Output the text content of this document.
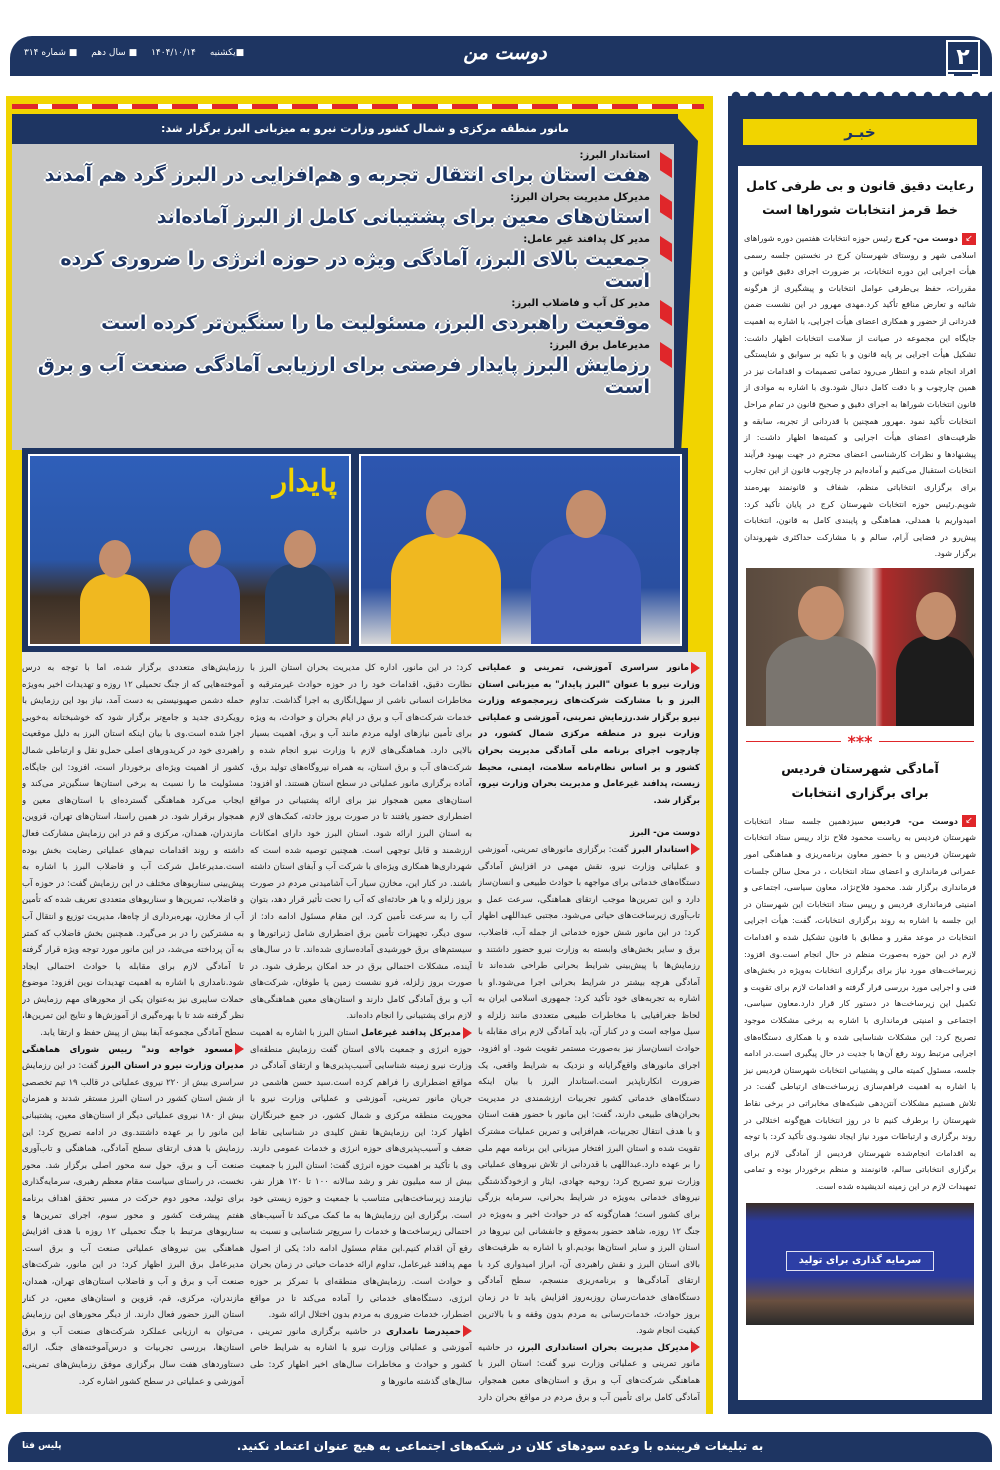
۲
دوست من
■یکشنبه
۱۴۰۴/۱۰/۱۴
■ سال دهم
■ شماره ۳۱۴
مانور منطقه مرکزی و شمال کشور وزارت نیرو به میزبانی البرز برگزار شد:
استاندار البرز:
هفت استان برای انتقال تجربه و هم‌افزایی در البرز گرد هم آمدند
مدیرکل مدیریت بحران البرز:
استان‌های معین برای پشتیبانی کامل از البرز آماده‌اند
مدیر کل پدافند غیر عامل:
جمعیت بالای البرز، آمادگی ویژه در حوزه انرژی را ضروری کرده است
مدیر کل آب و فاضلاب البرز:
موقعیت راهبردی البرز، مسئولیت ما را سنگین‌تر کرده است
مدیرعامل برق البرز:
رزمایش البرز پایدار فرصتی برای ارزیابی آمادگی صنعت آب و برق است
پایدار

مانور سراسری آموزشی، تمرینی و عملیاتی وزارت نیرو با عنوان "البرز پایدار" به میزبانی استان البرز و با مشارکت شرکت‌های زیرمجموعه وزارت نیرو برگزار شد.رزمایش تمرینی، آموزشی و عملیاتی وزارت نیرو در منطقه مرکزی شمال کشور، در چارچوب اجرای برنامه ملی آمادگی مدیریت بحران کشور و بر اساس نظام‌نامه سلامت، ایمنی، محیط زیست، پدافند غیرعامل و مدیریت بحران وزارت نیرو، برگزار شد.

دوست من- البرز

استاندار البرز گفت: برگزاری مانورهای تمرینی، آموزشی و عملیاتی وزارت نیرو، نقش مهمی در افزایش آمادگی دستگاه‌های خدماتی برای مواجهه با حوادث طبیعی و انسان‌ساز دارد و این تمرین‌ها موجب ارتقای هماهنگی، سرعت عمل و تاب‌آوری زیرساخت‌های حیاتی می‌شود. مجتبی عبداللهی اظهار کرد: در این مانور شش حوزه خدماتی از جمله آب، فاضلاب، برق و سایر بخش‌های وابسته به وزارت نیرو حضور داشتند و رزمایش‌ها با پیش‌بینی شرایط بحرانی طراحی شده‌اند تا آمادگی هرچه بیشتر در شرایط بحرانی اجرا می‌شود.او با اشاره به تجربه‌های خود تأکید کرد: جمهوری اسلامی ایران به لحاظ جغرافیایی با مخاطرات طبیعی متعددی مانند زلزله و سیل مواجه است و در کنار آن، باید آمادگی لازم برای مقابله با حوادث انسان‌ساز نیز به‌صورت مستمر تقویت شود. او افزود، اجرای مانورهای واقع‌گرایانه و نزدیک به شرایط واقعی، یک ضرورت انکارناپذیر است.استاندار البرز با بیان اینکه دستگاه‌های خدماتی کشور تجربیات ارزشمندی در مدیریت بحران‌های طبیعی دارند، گفت: این مانور با حضور هفت استان و با هدف انتقال تجربیات، هم‌افزایی و تمرین عملیات مشترک تقویت شده و استان البرز افتخار میزبانی این برنامه مهم ملی را بر عهده دارد.عبداللهی با قدردانی از تلاش نیروهای عملیاتی وزارت نیرو تصریح کرد: روحیه جهادی، ایثار و ازخودگذشتگی نیروهای خدماتی به‌ویژه در شرایط بحرانی، سرمایه بزرگی برای کشور است؛ همان‌گونه که در حوادث اخیر و به‌ویژه در جنگ ۱۲ روزه، شاهد حضور به‌موقع و جانفشانی این نیروها در استان البرز و سایر استان‌ها بودیم.او با اشاره به ظرفیت‌های بالای استان البرز و نقش راهبردی آن، ابراز امیدواری کرد با ارتقای آمادگی‌ها و برنامه‌ریزی منسجم، سطح آمادگی دستگاه‌های خدمات‌رسان روزبه‌روز افزایش یابد تا در زمان بروز حوادث، خدمات‌رسانی به مردم بدون وقفه و با بالاترین کیفیت انجام شود.

مدیرکل مدیریت بحران استانداری البرز، در حاشیه مانور تمرینی و عملیاتی وزارت نیرو گفت: استان البرز با هماهنگی شرکت‌های آب و برق و استان‌های معین همجوار، آمادگی کامل برای تأمین آب و برق مردم در مواقع بحران دارد

کرد: در این مانور، اداره کل مدیریت بحران استان البرز با نظارت دقیق، اقدامات خود را در حوزه حوادث غیرمترقبه و مخاطرات انسانی ناشی از سهل‌انگاری به اجرا گذاشت. تداوم خدمات شرکت‌های آب و برق در ایام بحران و حوادث، به ویژه برای تأمین نیازهای اولیه مردم مانند آب و برق، اهمیت بسیار بالایی دارد. هماهنگی‌های لازم با وزارت نیرو انجام شده و شرکت‌های آب و برق استان، به همراه نیروگاه‌های تولید برق، آماده برگزاری مانور عملیاتی در سطح استان هستند. او افزود: استان‌های معین همجوار نیز برای ارائه پشتیبانی در مواقع اضطراری حضور یافتند تا در صورت بروز حادثه، کمک‌های لازم به استان البرز ارائه شود. استان البرز خود دارای امکانات ارزشمند و قابل توجهی است. همچنین توصیه شده است که شهرداری‌ها همکاری ویژه‌ای با شرکت آب و آبفای استان داشته باشند. در کنار این، مخازن سیار آب آشامیدنی مردم در صورت بروز زلزله و یا هر حادثه‌ای که آب را تحت تأثیر قرار دهد، بتوان آب را به سرعت تأمین کرد. این مقام مسئول ادامه داد: از سوی دیگر، تجهیزات تأمین برق اضطراری شامل ژنراتورها و سیستم‌های برق خورشیدی آماده‌سازی شده‌اند. تا در سال‌های آینده، مشکلات احتمالی برق در حد امکان برطرف شود. در صورت بروز زلزله، فرو نشست زمین یا طوفان، شرکت‌های آب و برق آمادگی کامل دارند و استان‌های معین هماهنگی‌های لازم برای پشتیبانی را انجام داده‌اند.

مدیرکل پدافند غیرعامل استان البرز با اشاره به اهمیت حوزه انرژی و جمعیت بالای استان گفت رزمایش منطقه‌ای وزارت نیرو زمینه شناسایی آسیب‌پذیری‌ها و ارتقای آمادگی در مواقع اضطراری را فراهم کرده است.سید حسن هاشمی در جریان مانور تمرینی، آموزشی و عملیاتی وزارت نیرو با محوریت منطقه مرکزی و شمال کشور، در جمع خبرنگاران اظهار کرد: این رزمایش‌ها نقش کلیدی در شناسایی نقاط ضعف و آسیب‌پذیری‌های حوزه انرژی و خدمات عمومی دارند. وی با تأکید بر اهمیت حوزه انرژی گفت: استان البرز با جمعیت بیش از سه میلیون نفر و رشد سالانه ۱۰۰ تا ۱۲۰ هزار نفر، نیازمند زیرساخت‌هایی متناسب با جمعیت و حوزه زیستی خود است. برگزاری این رزمایش‌ها به ما کمک می‌کند تا آسیب‌های احتمالی زیرساخت‌ها و خدمات را سریع‌تر شناسایی و نسبت به رفع آن اقدام کنیم.این مقام مسئول ادامه داد: یکی از اصول مهم پدافند غیرعامل، تداوم ارائه خدمات حیاتی در زمان بحران و حوادث است. رزمایش‌های منطقه‌ای با تمرکز بر حوزه انرژی، دستگاه‌های خدماتی را آماده می‌کند تا در مواقع اضطرار، خدمات ضروری به مردم بدون اختلال ارائه شود.

حمیدرضا نامداری در حاشیه برگزاری مانور تمرینی ، آموزشی و عملیاتی وزارت نیرو با اشاره به شرایط خاص کشور و حوادث و مخاطرات سال‌های اخیر اظهار کرد: طی سال‌های گذشته مانورها و

رزمایش‌های متعددی برگزار شده، اما با توجه به درس آموخته‌هایی که از جنگ تحمیلی ۱۲ روزه و تهدیدات اخیر به‌ویژه حمله دشمن صهیونیستی به دست آمد، نیاز بود این رزمایش با رویکردی جدید و جامع‌تر برگزار شود که خوشبختانه به‌خوبی اجرا شده است.وی با بیان اینکه استان البرز به دلیل موقعیت راهبردی خود در کریدورهای اصلی حمل‌و نقل و ارتباطی شمال کشور از اهمیت ویژه‌ای برخوردار است، افزود: این جایگاه، مسئولیت ما را نسبت به برخی استان‌ها سنگین‌تر می‌کند و ایجاب می‌کرد هماهنگی گسترده‌ای با استان‌های معین و همجوار برقرار شود. در همین راستا، استان‌های تهران، قزوین، مازندران، همدان، مرکزی و قم در این رزمایش مشارکت فعال داشته و روند اقدامات تیم‌های عملیاتی رضایت بخش بوده است.مدیرعامل شرکت آب و فاضلاب البرز با اشاره به پیش‌بینی سناریوهای مختلف در این رزمایش گفت: در حوزه آب و فاضلاب، تمرین‌ها و سناریوهای متعددی تعریف شده که تأمین آب از مخازن، بهره‌برداری از چاه‌ها، مدیریت توزیع و انتقال آب به مشترکین را در بر می‌گیرد. همچنین بخش فاضلاب که کمتر به آن پرداخته می‌شد، در این مانور مورد توجه ویژه قرار گرفته تا آمادگی لازم برای مقابله با حوادث احتمالی ایجاد شود.نامداری با اشاره به اهمیت تهدیدات نوین افزود: موضوع حملات سایبری نیز به‌عنوان یکی از محورهای مهم رزمایش در نظر گرفته شد تا با بهره‌گیری از آموزش‌ها و نتایج این تمرین‌ها، سطح آمادگی مجموعه آبفا بیش از پیش حفظ و ارتقا یابد.

مسعود خواجه وند" رییس شورای هماهنگی مدیران وزارت نیرو در استان البرز گفت: در این رزمایش سراسری بیش از ۲۲۰ نیروی عملیاتی در قالب ۱۹ تیم تخصصی از شش استان کشور در استان البرز مستقر شدند و همزمان بیش از ۱۸۰ نیروی عملیاتی دیگر از استان‌های معین، پشتیبانی این مانور را بر عهده داشتند.وی در ادامه تصریح کرد: این رزمایش با هدف ارتقای سطح آمادگی، هماهنگی و تاب‌آوری صنعت آب و برق، حول سه محور اصلی برگزار شد. محور نخست، در راستای سیاست مقام معظم رهبری، سرمایه‌گذاری برای تولید، محور دوم حرکت در مسیر تحقق اهداف برنامه هفتم پیشرفت کشور و محور سوم، اجرای تمرین‌ها و سناریوهای مرتبط با جنگ تحمیلی ۱۲ روزه با هدف افزایش هماهنگی بین نیروهای عملیاتی صنعت آب و برق است. مدیرعامل برق البرز اظهار کرد: در این مانور، شرکت‌های صنعت آب و برق و آب و فاضلاب استان‌های تهران، همدان، مازندران، مرکزی، قم، قزوین و استان‌های معین، در کنار استان البرز حضور فعال دارند. از دیگر محورهای این رزمایش می‌توان به ارزیابی عملکرد شرکت‌های صنعت آب و برق استان‌ها، بررسی تجربیات و درس‌آموخته‌های جنگ، ارائه دستاوردهای هفت سال برگزاری موفق رزمایش‌های تمرینی، آموزشی و عملیاتی در سطح کشور اشاره کرد.

خبـر
رعایت دقیق قانون و بی طرفی کامل
خط قرمز انتخابات شوراها است
↙دوست من- کرج رئیس حوزه انتخابات هفتمین دوره شوراهای اسلامی شهر و روستای شهرستان کرج در نخستین جلسه رسمی هیأت اجرایی این دوره انتخابات، بر ضرورت اجرای دقیق قوانین و مقررات، حفظ بی‌طرفی عوامل انتخابات و پیشگیری از هرگونه شائبه و تعارض منافع تأکید کرد.مهدی مهرور در این نشست ضمن قدردانی از حضور و همکاری اعضای هیأت اجرایی، با اشاره به اهمیت جایگاه این مجموعه در صیانت از سلامت انتخابات اظهار داشت: تشکیل هیأت اجرایی بر پایه قانون و با تکیه بر سوابق و شایستگی افراد انجام شده و انتظار می‌رود تمامی تصمیمات و اقدامات نیز در همین چارچوب و با دقت کامل دنبال شود.وی با اشاره به موادی از قانون انتخابات شوراها به اجرای دقیق و صحیح قانون در تمام مراحل انتخابات تأکید نمود .مهرور همچنین با قدردانی از تجربه، سابقه و ظرفیت‌های اعضای هیأت اجرایی و کمیته‌ها اظهار داشت: از پیشنهادها و نظرات کارشناسی اعضای محترم در جهت بهبود فرآیند انتخابات استقبال می‌کنیم و آماده‌ایم در چارچوب قانون از این تجارب برای برگزاری انتخاباتی منظم، شفاف و قانونمند بهره‌مند شویم.رئیس حوزه انتخابات شهرستان کرج در پایان تأکید کرد: امیدواریم با همدلی، هماهنگی و پایبندی کامل به قانون، انتخابات پیش‌رو در فضایی آرام، سالم و با مشارکت حداکثری شهروندان برگزار شود.
***
آمادگی شهرستان فردیس
برای برگزاری انتخابات
↙دوست من- فردیس سیزدهمین جلسه ستاد انتخابات شهرستان فردیس به ریاست محمود فلاح نژاد رییس ستاد انتخابات شهرستان فردیس و با حضور معاون برنامه‌ریزی و هماهنگی امور عمرانی فرمانداری و اعضای ستاد انتخابات ، در محل سالن جلسات فرمانداری برگزار شد. محمود فلاح‌نژاد، معاون سیاسی، اجتماعی و امنیتی فرمانداری فردیس و رییس ستاد انتخابات این شهرستان در این جلسه با اشاره به روند برگزاری انتخابات، گفت: هیأت اجرایی انتخابات در موعد مقرر و مطابق با قانون تشکیل شده و اقدامات لازم در این حوزه به‌صورت منظم در حال انجام است.وی افزود: زیرساخت‌های مورد نیاز برای برگزاری انتخابات به‌ویژه در بخش‌های فنی و اجرایی مورد بررسی قرار گرفته و اقدامات لازم برای تقویت و تکمیل این زیرساخت‌ها در دستور کار قرار دارد.معاون سیاسی، اجتماعی و امنیتی فرمانداری با اشاره به برخی مشکلات موجود تصریح کرد: این مشکلات شناسایی شده و با همکاری دستگاه‌های اجرایی مرتبط روند رفع آن‌ها با جدیت در حال پیگیری است.در ادامه جلسه، مسئول کمیته مالی و پشتیبانی انتخابات شهرستان فردیس نیز با اشاره به اهمیت فراهم‌سازی زیرساخت‌های ارتباطی گفت: در تلاش هستیم مشکلات آنتن‌دهی شبکه‌های مخابراتی در برخی نقاط شهرستان را برطرف کنیم تا در روز انتخابات هیچ‌گونه اختلالی در روند برگزاری و ارتباطات مورد نیاز ایجاد نشود.وی تأکید کرد: با توجه به اقدامات انجام‌شده شهرستان فردیس از آمادگی لازم برای برگزاری انتخاباتی سالم، قانونمند و منظم برخوردار بوده و تمامی تمهیدات لازم در این زمینه اندیشیده شده است.
سرمایه گذاری برای تولید
به تبلیغات فریبنده با وعده سودهای کلان در شبکه‌های اجتماعی به هیچ عنوان اعتماد نکنید.
پلیس فتا
